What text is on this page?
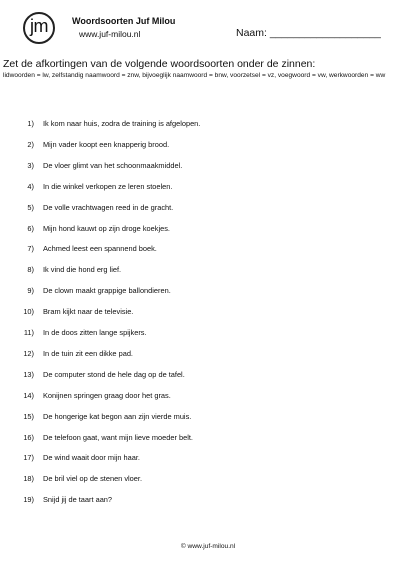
jm	Woordsoorten Juf Milou
www.juf-milou.nl	Naam: ___________________
Zet de afkortingen van de volgende woordsoorten onder de zinnen:
lidwoorden = lw, zelfstandig naamwoord = znw, bijvoeglijk naamwoord = bnw, voorzetsel = vz, voegwoord = vw, werkwoorden = ww
1) Ik kom naar huis, zodra de training is afgelopen.
2) Mijn vader koopt een knapperig brood.
3) De vloer glimt van het schoonmaakmiddel.
4) In die winkel verkopen ze leren stoelen.
5) De volle vrachtwagen reed in de gracht.
6) Mijn hond kauwt op zijn droge koekjes.
7) Achmed leest een spannend boek.
8) Ik vind die hond erg lief.
9) De clown maakt grappige ballondieren.
10) Bram kijkt naar de televisie.
11) In de doos zitten lange spijkers.
12) In de tuin zit een dikke pad.
13) De computer stond de hele dag op de tafel.
14) Konijnen springen graag door het gras.
15) De hongerige kat begon aan zijn vierde muis.
16) De telefoon gaat, want mijn lieve moeder belt.
17) De wind waait door mijn haar.
18) De bril viel op de stenen vloer.
19) Snijd jij de taart aan?
© www.juf-milou.nl
